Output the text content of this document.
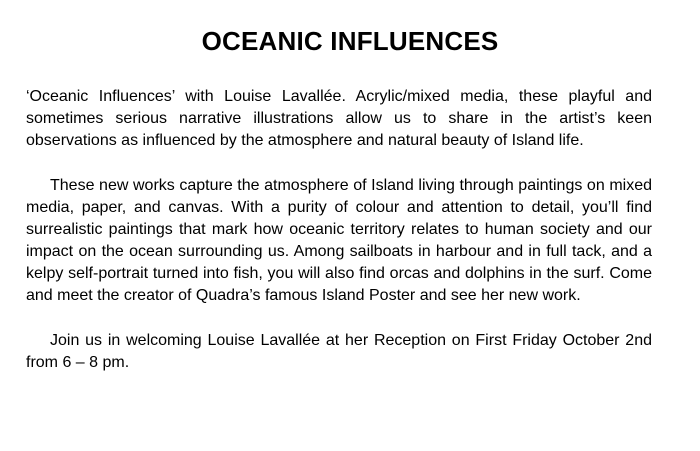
OCEANIC INFLUENCES

‘Oceanic Influences’ with Louise Lavallée. Acrylic/mixed media, these playful and sometimes serious narrative illustrations allow us to share in the artist’s keen observations as influenced by the atmosphere and natural beauty of Island life.

These new works capture the atmosphere of Island living through paintings on mixed media, paper, and canvas. With a purity of colour and attention to detail, you’ll find surrealistic paintings that mark how oceanic territory relates to human society and our impact on the ocean surrounding us. Among sailboats in harbour and in full tack, and a kelpy self-portrait turned into fish, you will also find orcas and dolphins in the surf. Come and meet the creator of Quadra’s famous Island Poster and see her new work.

Join us in welcoming Louise Lavallée at her Reception on First Friday October 2nd from 6 – 8 pm.
